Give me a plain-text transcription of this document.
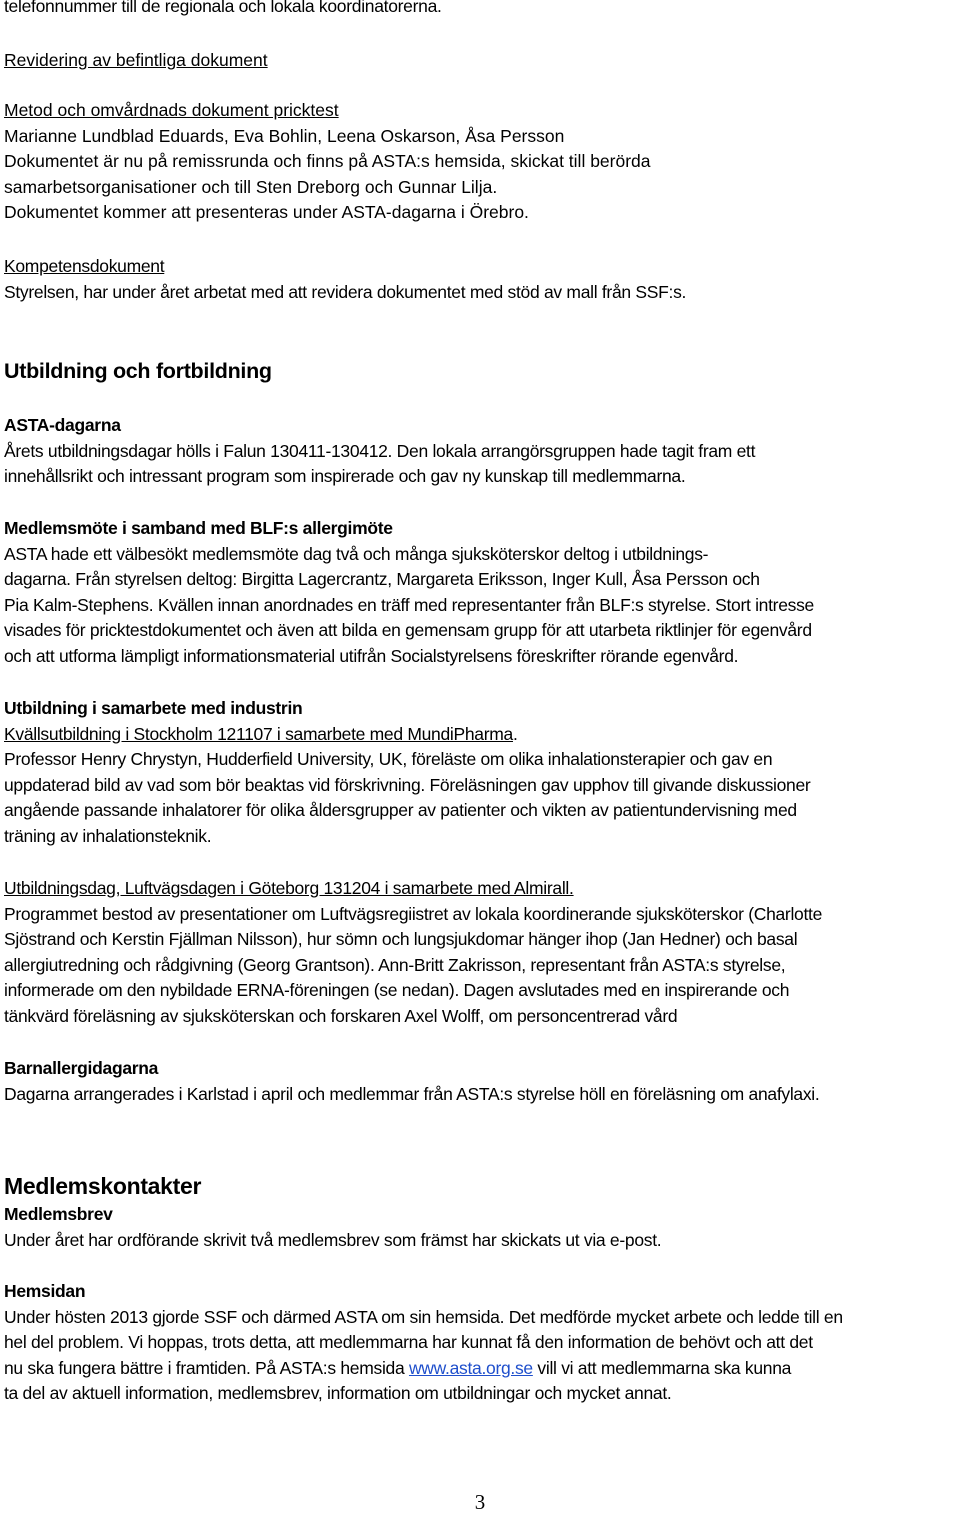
telefonnummer till de regionala och lokala koordinatorerna.
Revidering av befintliga dokument
Metod och omvårdnads dokument pricktest
Marianne Lundblad Eduards, Eva Bohlin, Leena Oskarson, Åsa Persson
Dokumentet är nu på remissrunda och finns på ASTA:s hemsida, skickat till berörda
samarbetsorganisationer och till Sten Dreborg och Gunnar Lilja.
Dokumentet kommer att presenteras under ASTA-dagarna i Örebro.
Kompetensdokument
Styrelsen, har under året arbetat med att revidera dokumentet med stöd av mall från SSF:s.
Utbildning och fortbildning
ASTA-dagarna
Årets utbildningsdagar hölls i Falun 130411-130412. Den lokala arrangörsgruppen hade tagit fram ett
innehållsrikt och intressant program som inspirerade och gav ny kunskap till medlemmarna.
Medlemsmöte i samband med BLF:s allergimöte
ASTA hade ett välbesökt medlemsmöte dag två och många sjuksköterskor deltog i utbildnings-
dagarna. Från styrelsen deltog: Birgitta Lagercrantz, Margareta Eriksson, Inger Kull, Åsa Persson och
Pia Kalm-Stephens. Kvällen innan anordnades en träff med representanter från BLF:s styrelse. Stort intresse
visades för pricktestdokumentet och även att bilda en gemensam grupp för att utarbeta riktlinjer för egenvård
och att utforma lämpligt informationsmaterial utifrån Socialstyrelsens föreskrifter rörande egenvård.
Utbildning i samarbete med industrin
Kvällsutbildning i Stockholm 121107 i samarbete med MundiPharma.
Professor Henry Chrystyn, Hudderfield University, UK, föreläste om olika inhalationsterapier och gav en
uppdaterad bild av vad som bör beaktas vid förskrivning. Föreläsningen gav upphov till givande diskussioner
angående passande inhalatorer för olika åldersgrupper av patienter och vikten av patientundervisning med
träning av inhalationsteknik.
Utbildningsdag, Luftvägsdagen i Göteborg 131204 i samarbete med Almirall.
Programmet bestod av presentationer om Luftvägsregiistret av lokala koordinerande sjuksköterskor (Charlotte
Sjöstrand och Kerstin Fjällman Nilsson), hur sömn och lungsjukdomar hänger ihop (Jan Hedner) och basal
allergiutredning och rådgivning (Georg Grantson). Ann-Britt Zakrisson, representant från ASTA:s styrelse,
informerade om den nybildade ERNA-föreningen (se nedan). Dagen avslutades med en inspirerande och
tänkvärd föreläsning av sjuksköterskan och forskaren Axel Wolff, om personcentrerad vård
Barnallergidagarna
Dagarna arrangerades i Karlstad i april och medlemmar från ASTA:s styrelse höll en föreläsning om anafylaxi.
Medlemskontakter
Medlemsbrev
Under året har ordförande skrivit två medlemsbrev som främst har skickats ut via e-post.
Hemsidan
Under hösten 2013 gjorde SSF och därmed ASTA om sin hemsida. Det medförde mycket arbete och ledde till en
hel del problem. Vi hoppas, trots detta, att medlemmarna har kunnat få den information de behövt och att det
nu ska fungera bättre i framtiden. På ASTA:s hemsida www.asta.org.se vill vi att medlemmarna ska kunna
ta del av aktuell information, medlemsbrev, information om utbildningar och mycket annat.
3
